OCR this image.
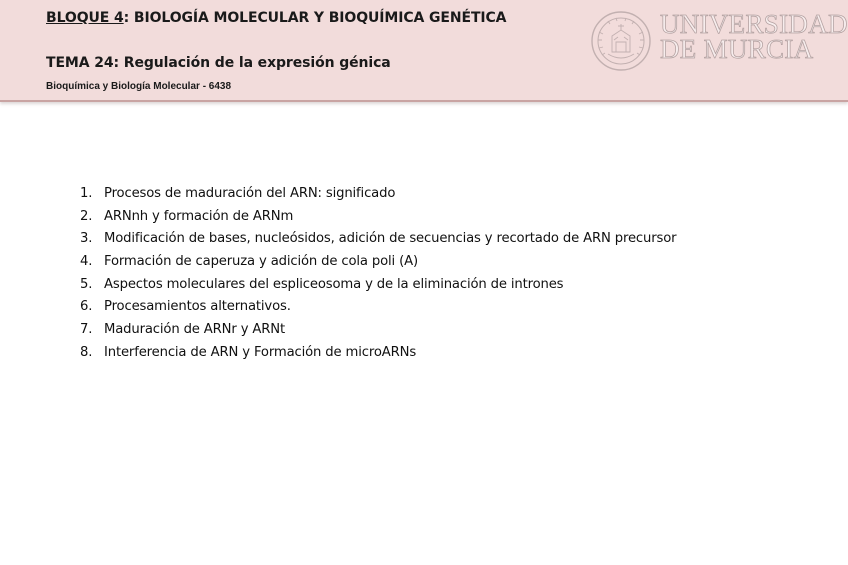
BLOQUE 4: BIOLOGÍA MOLECULAR Y BIOQUÍMICA GENÉTICA
TEMA 24: Regulación de la expresión génica
Bioquímica y Biología Molecular - 6438
UNIVERSIDAD
DE MURCIA
1. Procesos de maduración del ARN: significado
2. ARNnh y formación de ARNm
3. Modificación de bases, nucleósidos, adición de secuencias y recortado de ARN precursor
4. Formación de caperuza y adición de cola poli (A)
5. Aspectos moleculares del espliceosoma y de la eliminación de intrones
6. Procesamientos alternativos.
7. Maduración de ARNr y ARNt
8. Interferencia de ARN y Formación de microARNs
